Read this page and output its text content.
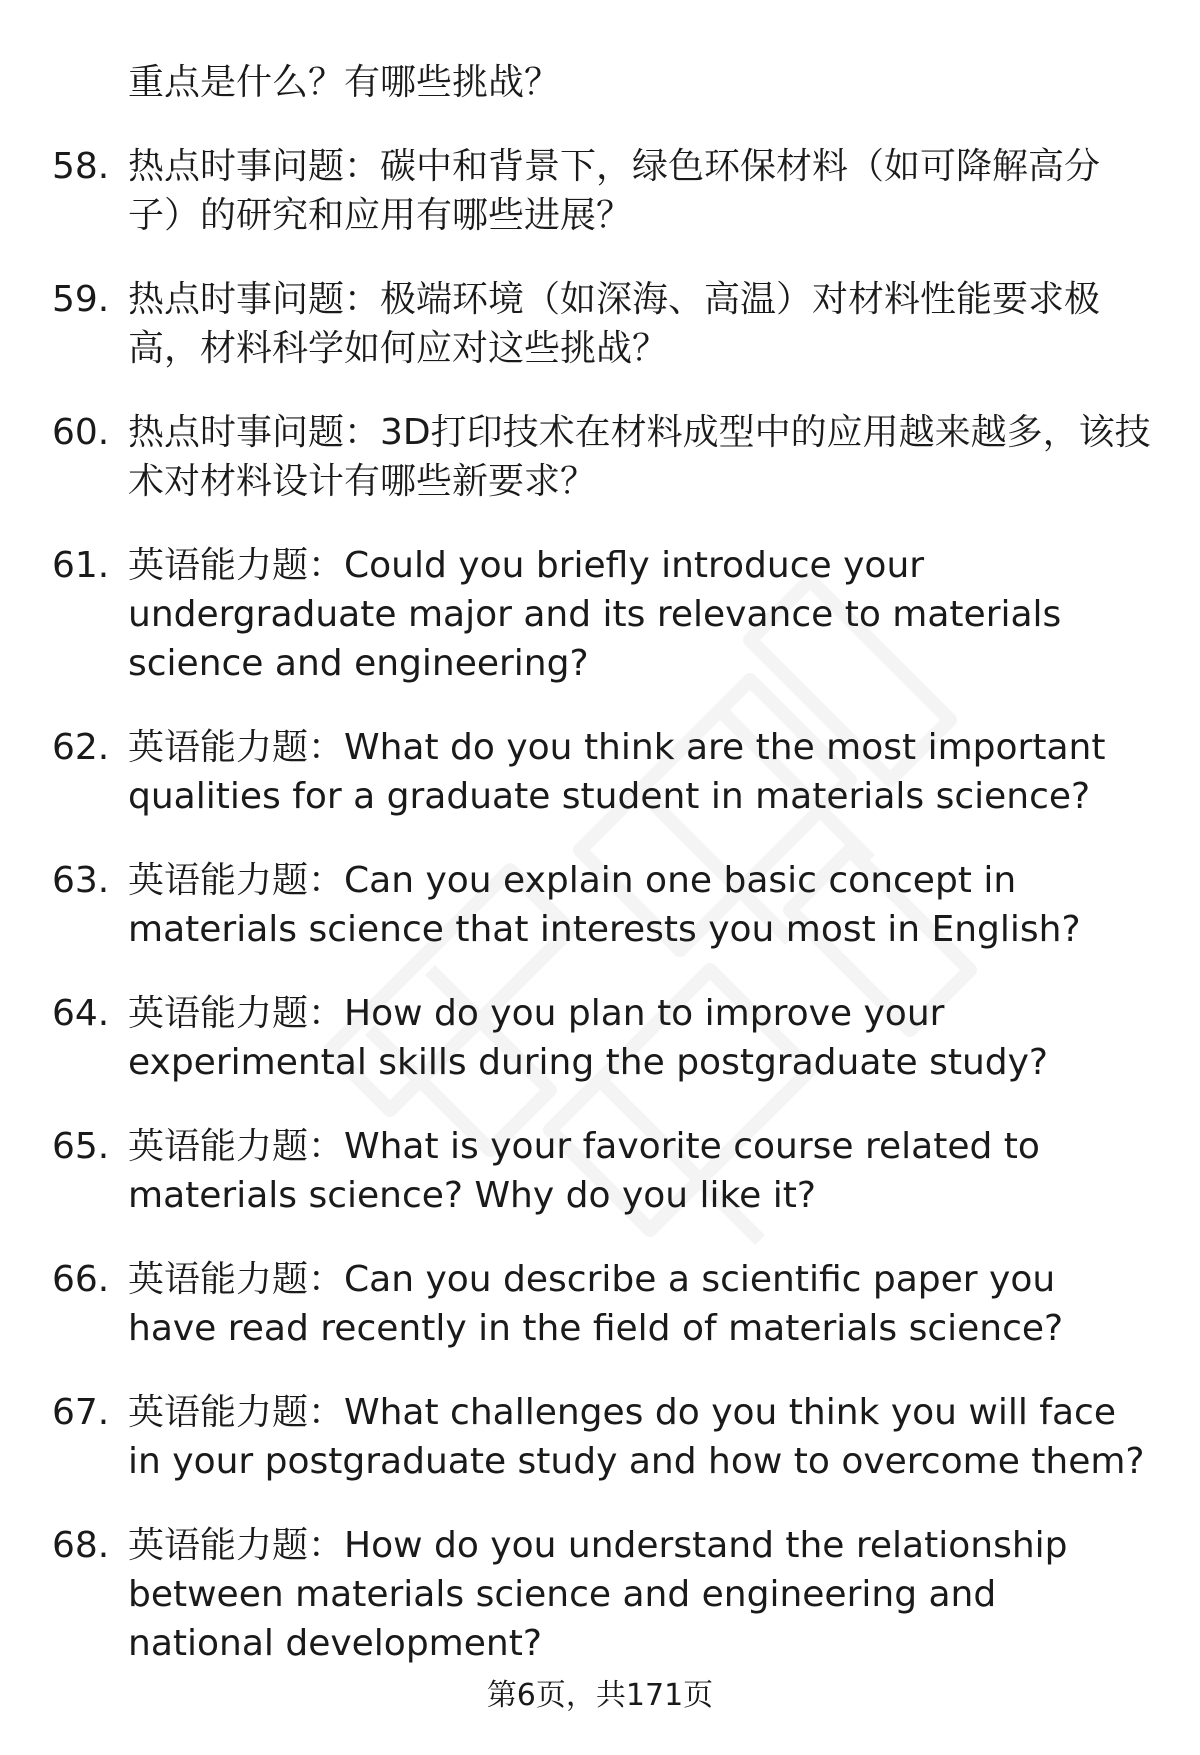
重点是什么？有哪些挑战？
58. 热点时事问题：碳中和背景下，绿色环保材料（如可降解高分子）的研究和应用有哪些进展？
59. 热点时事问题：极端环境（如深海、高温）对材料性能要求极高，材料科学如何应对这些挑战？
60. 热点时事问题：3D打印技术在材料成型中的应用越来越多，该技术对材料设计有哪些新要求？
61. 英语能力题：Could you briefly introduce your undergraduate major and its relevance to materials science and engineering?
62. 英语能力题：What do you think are the most important qualities for a graduate student in materials science?
63. 英语能力题：Can you explain one basic concept in materials science that interests you most in English?
64. 英语能力题：How do you plan to improve your experimental skills during the postgraduate study?
65. 英语能力题：What is your favorite course related to materials science? Why do you like it?
66. 英语能力题：Can you describe a scientific paper you have read recently in the field of materials science?
67. 英语能力题：What challenges do you think you will face in your postgraduate study and how to overcome them?
68. 英语能力题：How do you understand the relationship between materials science and engineering and national development?
第6页，共171页
